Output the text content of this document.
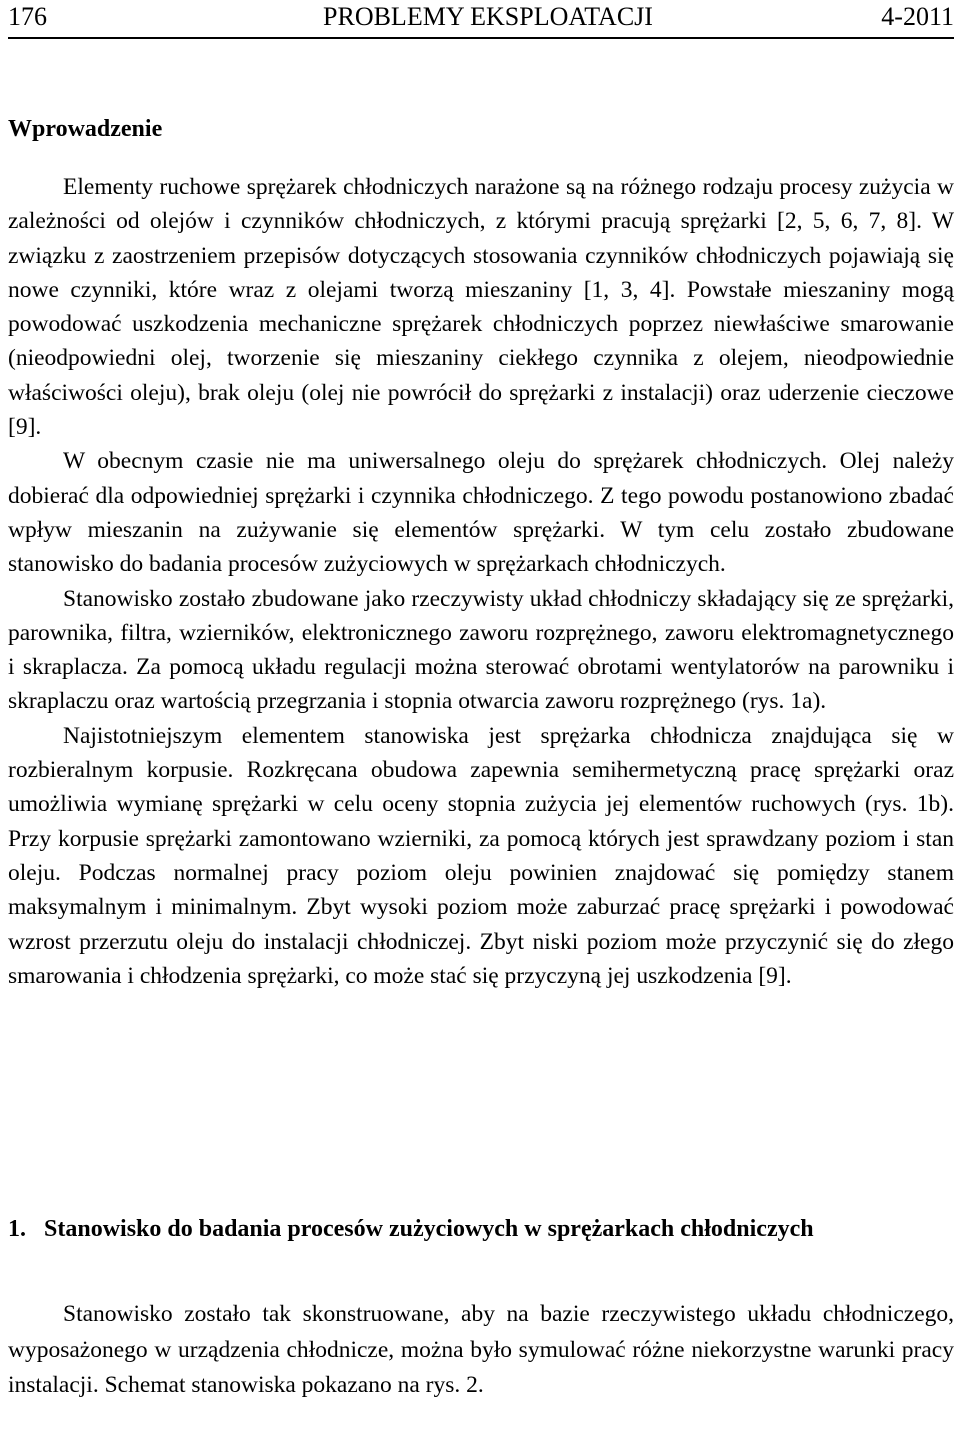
176	PROBLEMY EKSPLOATACJI	4-2011
Wprowadzenie

Elementy ruchowe sprężarek chłodniczych narażone są na różnego rodzaju procesy zużycia w zależności od olejów i czynników chłodniczych, z którymi pracują sprężarki [2, 5, 6, 7, 8]. W związku z zaostrzeniem przepisów dotyczących stosowania czynników chłodniczych pojawiają się nowe czynniki, które wraz z olejami tworzą mieszaniny [1, 3, 4]. Powstałe mieszaniny mogą powodować uszkodzenia mechaniczne sprężarek chłodniczych poprzez niewłaściwe smarowanie (nieodpowiedni olej, tworzenie się mieszaniny ciekłego czynnika z olejem, nieodpowiednie właściwości oleju), brak oleju (olej nie powrócił do sprężarki z instalacji) oraz uderzenie cieczowe [9].

W obecnym czasie nie ma uniwersalnego oleju do sprężarek chłodniczych. Olej należy dobierać dla odpowiedniej sprężarki i czynnika chłodniczego. Z tego powodu postanowiono zbadać wpływ mieszanin na zużywanie się elementów sprężarki. W tym celu zostało zbudowane stanowisko do badania procesów zużyciowych w sprężarkach chłodniczych.

Stanowisko zostało zbudowane jako rzeczywisty układ chłodniczy składający się ze sprężarki, parownika, filtra, wzierników, elektronicznego zaworu rozprężnego, zaworu elektromagnetycznego i skraplacza. Za pomocą układu regulacji można sterować obrotami wentylatorów na parowniku i skraplaczu oraz wartością przegrzania i stopnia otwarcia zaworu rozprężnego (rys. 1a).

Najistotniejszym elementem stanowiska jest sprężarka chłodnicza znajdująca się w rozbieralnym korpusie. Rozkręcana obudowa zapewnia semihermetyczną pracę sprężarki oraz umożliwia wymianę sprężarki w celu oceny stopnia zużycia jej elementów ruchowych (rys. 1b). Przy korpusie sprężarki zamontowano wzierniki, za pomocą których jest sprawdzany poziom i stan oleju. Podczas normalnej pracy poziom oleju powinien znajdować się pomiędzy stanem maksymalnym i minimalnym. Zbyt wysoki poziom może zaburzać pracę sprężarki i powodować wzrost przerzutu oleju do instalacji chłodniczej. Zbyt niski poziom może przyczynić się do złego smarowania i chłodzenia sprężarki, co może stać się przyczyną jej uszkodzenia [9].

1. Stanowisko do badania procesów zużyciowych w sprężarkach chłodniczych

Stanowisko zostało tak skonstruowane, aby na bazie rzeczywistego układu chłodniczego, wyposażonego w urządzenia chłodnicze, można było symulować różne niekorzystne warunki pracy instalacji. Schemat stanowiska pokazano na rys. 2.
